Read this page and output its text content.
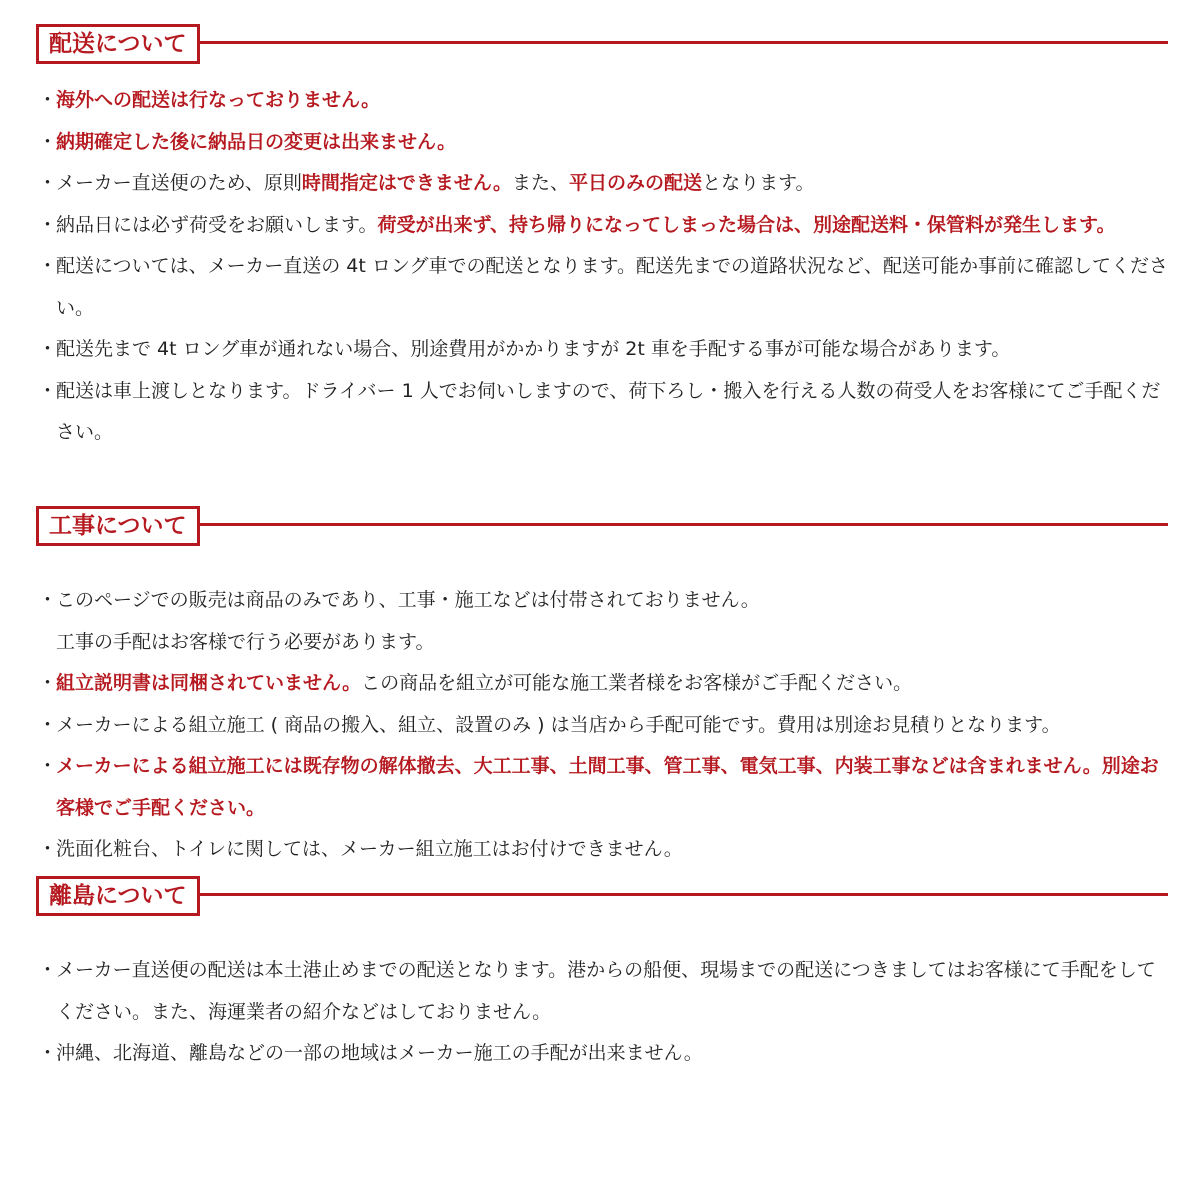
配送について
・
海外への配送は行なっておりません。
・
納期確定した後に納品日の変更は出来ません。
・
メーカー直送便のため、原則時間指定はできません。また、平日のみの配送となります。
・
納品日には必ず荷受をお願いします。荷受が出来ず、持ち帰りになってしまった場合は、別途配送料・保管料が発生します。
・
配送については、メーカー直送の 4t ロング車での配送となります。配送先までの道路状況など、配送可能か事前に確認してください。
・
配送先まで 4t ロング車が通れない場合、別途費用がかかりますが 2t 車を手配する事が可能な場合があります。
・
配送は車上渡しとなります。ドライバー 1 人でお伺いしますので、荷下ろし・搬入を行える人数の荷受人をお客様にてご手配ください。
工事について
・
このページでの販売は商品のみであり、工事・施工などは付帯されておりません。
工事の手配はお客様で行う必要があります。
・
組立説明書は同梱されていません。この商品を組立が可能な施工業者様をお客様がご手配ください。
・
メーカーによる組立施工 ( 商品の搬入、組立、設置のみ ) は当店から手配可能です。費用は別途お見積りとなります。
・
メーカーによる組立施工には既存物の解体撤去、大工工事、土間工事、管工事、電気工事、内装工事などは含まれません。別途お客様でご手配ください。
・
洗面化粧台、トイレに関しては、メーカー組立施工はお付けできません。
離島について
・
メーカー直送便の配送は本土港止めまでの配送となります。港からの船便、現場までの配送につきましてはお客様にて手配をしてください。また、海運業者の紹介などはしておりません。
・
沖縄、北海道、離島などの一部の地域はメーカー施工の手配が出来ません。
